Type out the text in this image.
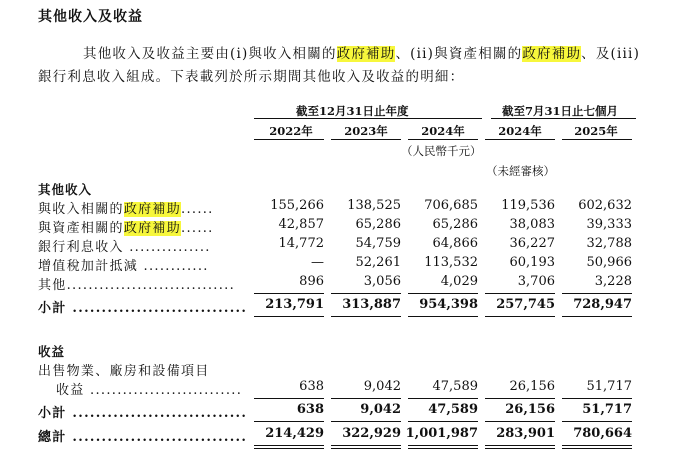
其他收入及收益
其他收入及收益主要由(i)與收入相關的政府補助、(ii)與資產相關的政府補助、及(iii)
銀行利息收入組成。下表載列於所示期間其他收入及收益的明細：
截至12月31日止年度	截至7月31日止七個月
2022年	2023年	2024年	2024年	2025年
（人民幣千元）
（未經審核）
其他收入
與收入相關的政府補助......	155,266	138,525	706,685	119,536	602,632
與資產相關的政府補助......	42,857	65,286	65,286	38,083	39,333
銀行利息收入 ...............	14,772	54,759	64,866	36,227	32,788
增值稅加計抵減 ............	—	52,261	113,532	60,193	50,966
其他...............................	896	3,056	4,029	3,706	3,228
小計 ..............................	213,791	313,887	954,398	257,745	728,947
收益
出售物業、廠房和設備項目
收益 ............................	638	9,042	47,589	26,156	51,717
小計 ..............................	638	9,042	47,589	26,156	51,717
總計 ..............................	214,429	322,929 1,001,987	283,901	780,664
